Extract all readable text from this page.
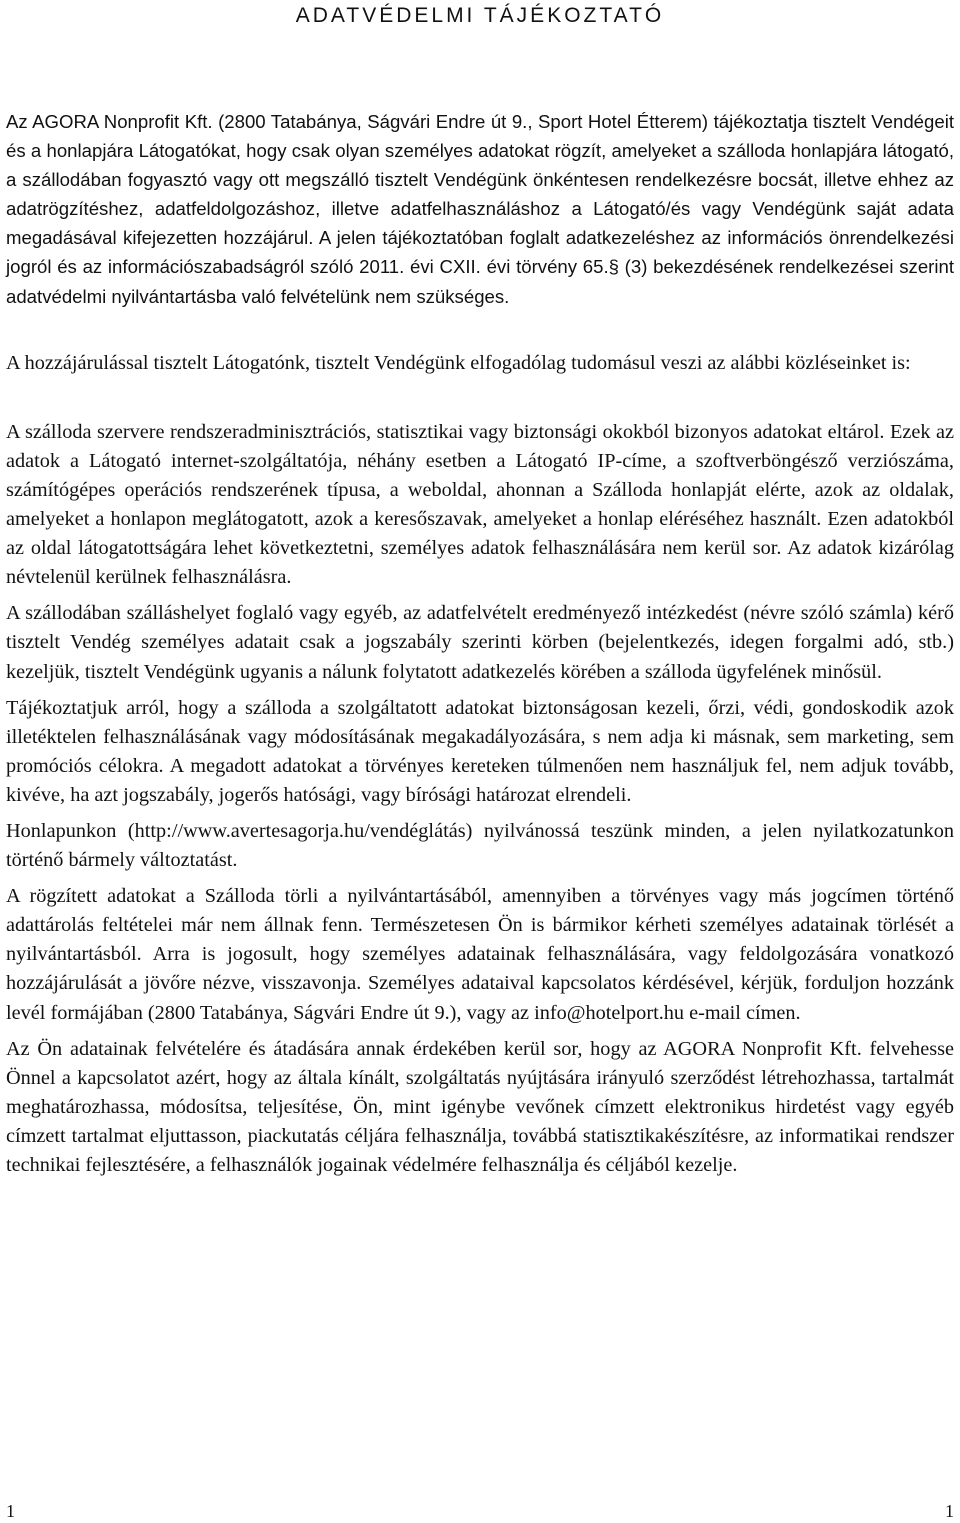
ADATVÉDELMI TÁJÉKOZTATÓ

Az AGORA Nonprofit Kft. (2800 Tatabánya, Ságvári Endre út 9., Sport Hotel Étterem) tájékoztatja tisztelt Vendégeit és a honlapjára Látogatókat, hogy csak olyan személyes adatokat rögzít, amelyeket a szálloda honlapjára látogató, a szállodában fogyasztó vagy ott megszálló tisztelt Vendégünk önkéntesen rendelkezésre bocsát, illetve ehhez az adatrögzítéshez, adatfeldolgozáshoz, illetve adatfelhasználáshoz a Látogató/és vagy Vendégünk saját adata megadásával kifejezetten hozzájárul. A jelen tájékoztatóban foglalt adatkezeléshez az információs önrendelkezési jogról és az információszabadságról szóló 2011. évi CXII. évi törvény 65.§ (3) bekezdésének rendelkezései szerint adatvédelmi nyilvántartásba való felvételünk nem szükséges.

A hozzájárulással tisztelt Látogatónk, tisztelt Vendégünk elfogadólag tudomásul veszi az alábbi közléseinket is:

A szálloda szervere rendszeradminisztrációs, statisztikai vagy biztonsági okokból bizonyos adatokat eltárol. Ezek az adatok a Látogató internet-szolgáltatója, néhány esetben a Látogató IP-címe, a szoftverböngésző verziószáma, számítógépes operációs rendszerének típusa, a weboldal, ahonnan a Szálloda honlapját elérte, azok az oldalak, amelyeket a honlapon meglátogatott, azok a keresőszavak, amelyeket a honlap eléréséhez használt. Ezen adatokból az oldal látogatottságára lehet következtetni, személyes adatok felhasználására nem kerül sor. Az adatok kizárólag névtelenül kerülnek felhasználásra.

A szállodában szálláshelyet foglaló vagy egyéb, az adatfelvételt eredményező intézkedést (névre szóló számla) kérő tisztelt Vendég személyes adatait csak a jogszabály szerinti körben (bejelentkezés, idegen forgalmi adó, stb.) kezeljük, tisztelt Vendégünk ugyanis a nálunk folytatott adatkezelés körében a szálloda ügyfelének minősül.

Tájékoztatjuk arról, hogy a szálloda a szolgáltatott adatokat biztonságosan kezeli, őrzi, védi, gondoskodik azok illetéktelen felhasználásának vagy módosításának megakadályozására, s nem adja ki másnak, sem marketing, sem promóciós célokra. A megadott adatokat a törvényes kereteken túlmenően nem használjuk fel, nem adjuk tovább, kivéve, ha azt jogszabály, jogerős hatósági, vagy bírósági határozat elrendeli.

Honlapunkon (http://www.avertesagorja.hu/vendéglátás) nyilvánossá teszünk minden, a jelen nyilatkozatunkon történő bármely változtatást.

A rögzített adatokat a Szálloda törli a nyilvántartásából, amennyiben a törvényes vagy más jogcímen történő adattárolás feltételei már nem állnak fenn. Természetesen Ön is bármikor kérheti személyes adatainak törlését a nyilvántartásból. Arra is jogosult, hogy személyes adatainak felhasználására, vagy feldolgozására vonatkozó hozzájárulását a jövőre nézve, visszavonja. Személyes adataival kapcsolatos kérdésével, kérjük, forduljon hozzánk levél formájában (2800 Tatabánya, Ságvári Endre út 9.), vagy az info@hotelport.hu e-mail címen.

Az Ön adatainak felvételére és átadására annak érdekében kerül sor, hogy az AGORA Nonprofit Kft. felvehesse Önnel a kapcsolatot azért, hogy az általa kínált, szolgáltatás nyújtására irányuló szerződést létrehozhassa, tartalmát meghatározhassa, módosítsa, teljesítése, Ön, mint igénybe vevőnek címzett elektronikus hirdetést vagy egyéb címzett tartalmat eljuttasson, piackutatás céljára felhasználja, továbbá statisztikakészítésre, az informatikai rendszer technikai fejlesztésére, a felhasználók jogainak védelmére felhasználja és céljából kezelje.

1	1
